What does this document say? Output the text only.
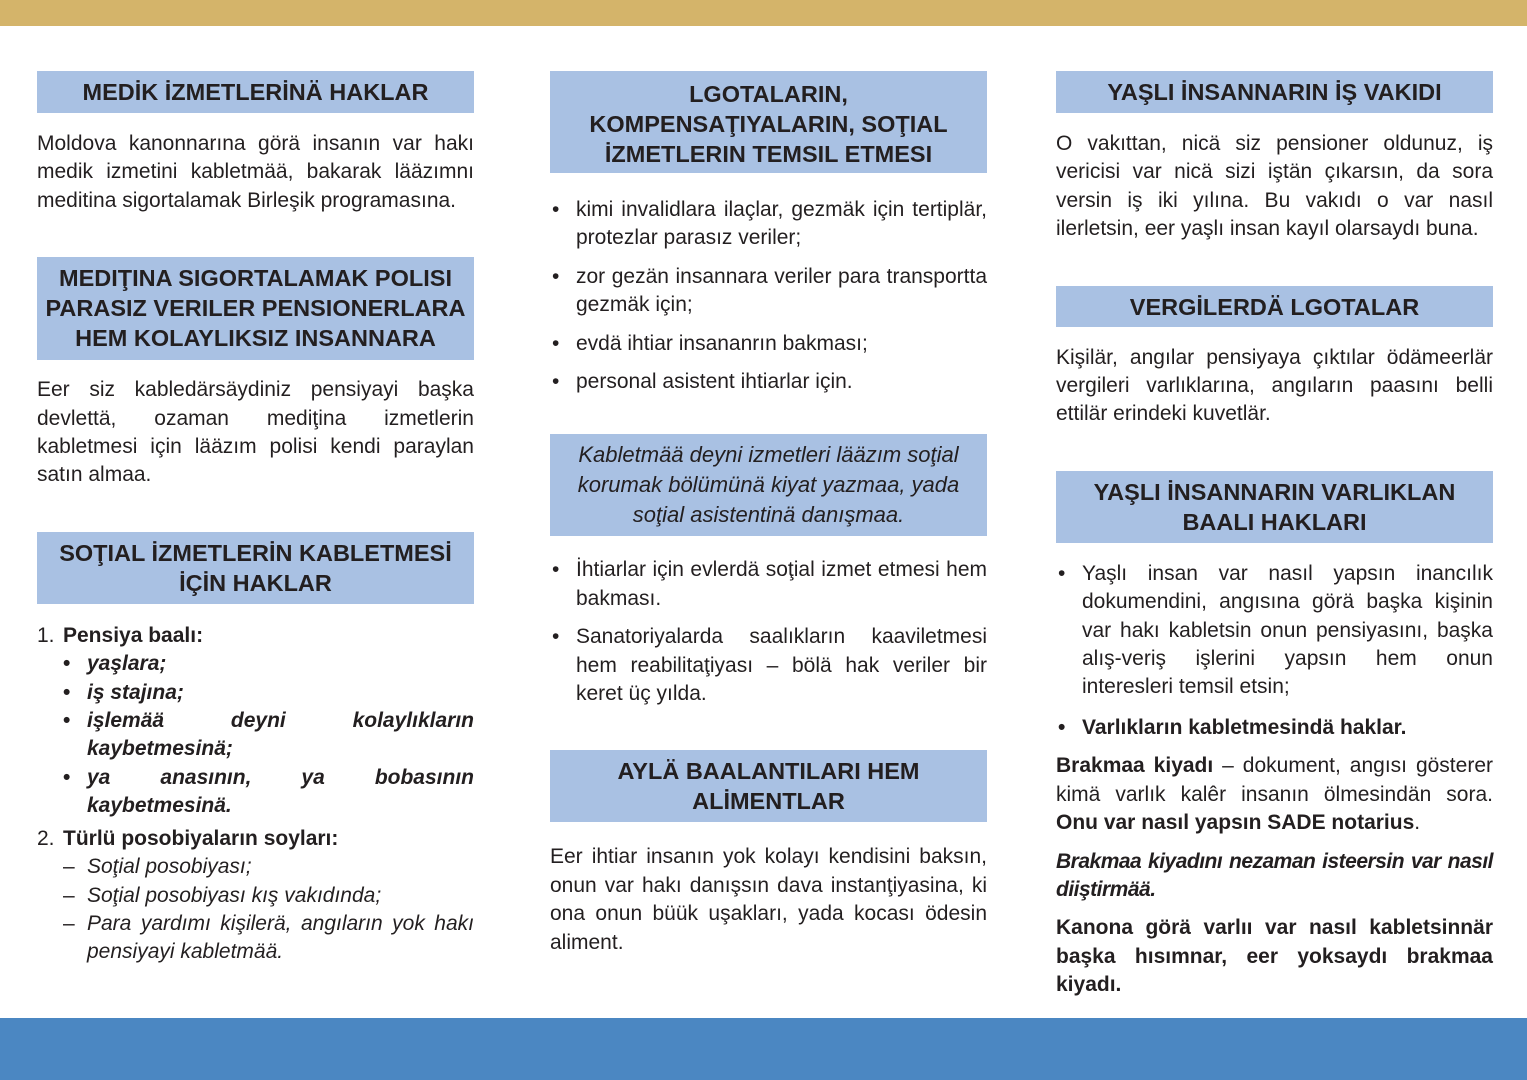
MEDİK İZMETLERİNÄ HAKLAR

Moldova kanonnarına görä insanın var hakı medik izmetini kabletmää, bakarak lääzımnı meditina sigortalamak Birleşik programasına.

MEDIŢINA SIGORTALAMAK POLISI PARASIZ VERILER PENSIONERLARA HEM KOLAYLIKSIZ INSANNARA

Eer siz kabledärsäydiniz pensiyayi başka devlettä, ozaman mediţina izmetlerin kabletmesi için lääzım polisi kendi paraylan satın almaa.

SOŢIAL İZMETLERİN KABLETMESİ İÇİN HAKLAR
1. Pensiya baalı:
• yaşlara;
• iş stajına;
• işlemää deyni kolaylıkların kaybetmesinä;
• ya anasının, ya bobasının kaybetmesinä.
2. Türlü posobiyaların soyları:
– Soţial posobiyası;
– Soţial posobiyası kış vakıdında;
– Para yardımı kişilerä, angıların yok hakı pensiyayi kabletmää.
LGOTALARIN, KOMPENSAŢIYALARIN, SOŢIAL İZMETLERIN TEMSIL ETMESI
• kimi invalidlara ilaçlar, gezmäk için tertiplär, protezlar parasız veriler;
• zor gezän insannara veriler para transportta gezmäk için;
• evdä ihtiar insananrın bakması;
• personal asistent ihtiarlar için.
Kabletmää deyni izmetleri lääzım soţial korumak bölümünä kiyat yazmaa, yada soţial asistentinä danışmaa.
• İhtiarlar için evlerdä soţial izmet etmesi hem bakması.
• Sanatoriyalarda saalıkların kaaviletmesi hem reabilitaţiyası – bölä hak veriler bir keret üç yılda.
AYLÄ BAALANTILARI HEM ALİMENTLAR

Eer ihtiar insanın yok kolayı kendisini baksın, onun var hakı danışsın dava instanţiyasina, ki ona onun büük uşakları, yada kocası ödesin aliment.

YAŞLI İNSANNARIN İŞ VAKIDI

O vakıttan, nicä siz pensioner oldunuz, iş vericisi var nicä sizi iştän çıkarsın, da sora versin iş iki yılına. Bu vakıdı o var nasıl ilerletsin, eer yaşlı insan kayıl olarsaydı buna.

VERGİLERDÄ LGOTALAR

Kişilär, angılar pensiyaya çıktılar ödämeerlär vergileri varlıklarına, angıların paasını belli ettilär erindeki kuvetlär.

YAŞLI İNSANNARIN VARLIKLAN BAALI HAKLARI
• Yaşlı insan var nasıl yapsın inancılık dokumendini, angısına görä başka kişinin var hakı kabletsin onun pensiyasını, başka alış-veriş işlerini yapsın hem onun interesleri temsil etsin;
• Varlıkların kabletmesindä haklar.

Brakmaa kiyadı – dokument, angısı gösterer kimä varlık kalêr insanın ölmesindän sora. Onu var nasıl yapsın SADE notarius.

Brakmaa kiyadını nezaman isteersin var nasıl diiştirmää.

Kanona görä varlıı var nasıl kabletsinnär başka hısımnar, eer yoksaydı brakmaa kiyadı.
